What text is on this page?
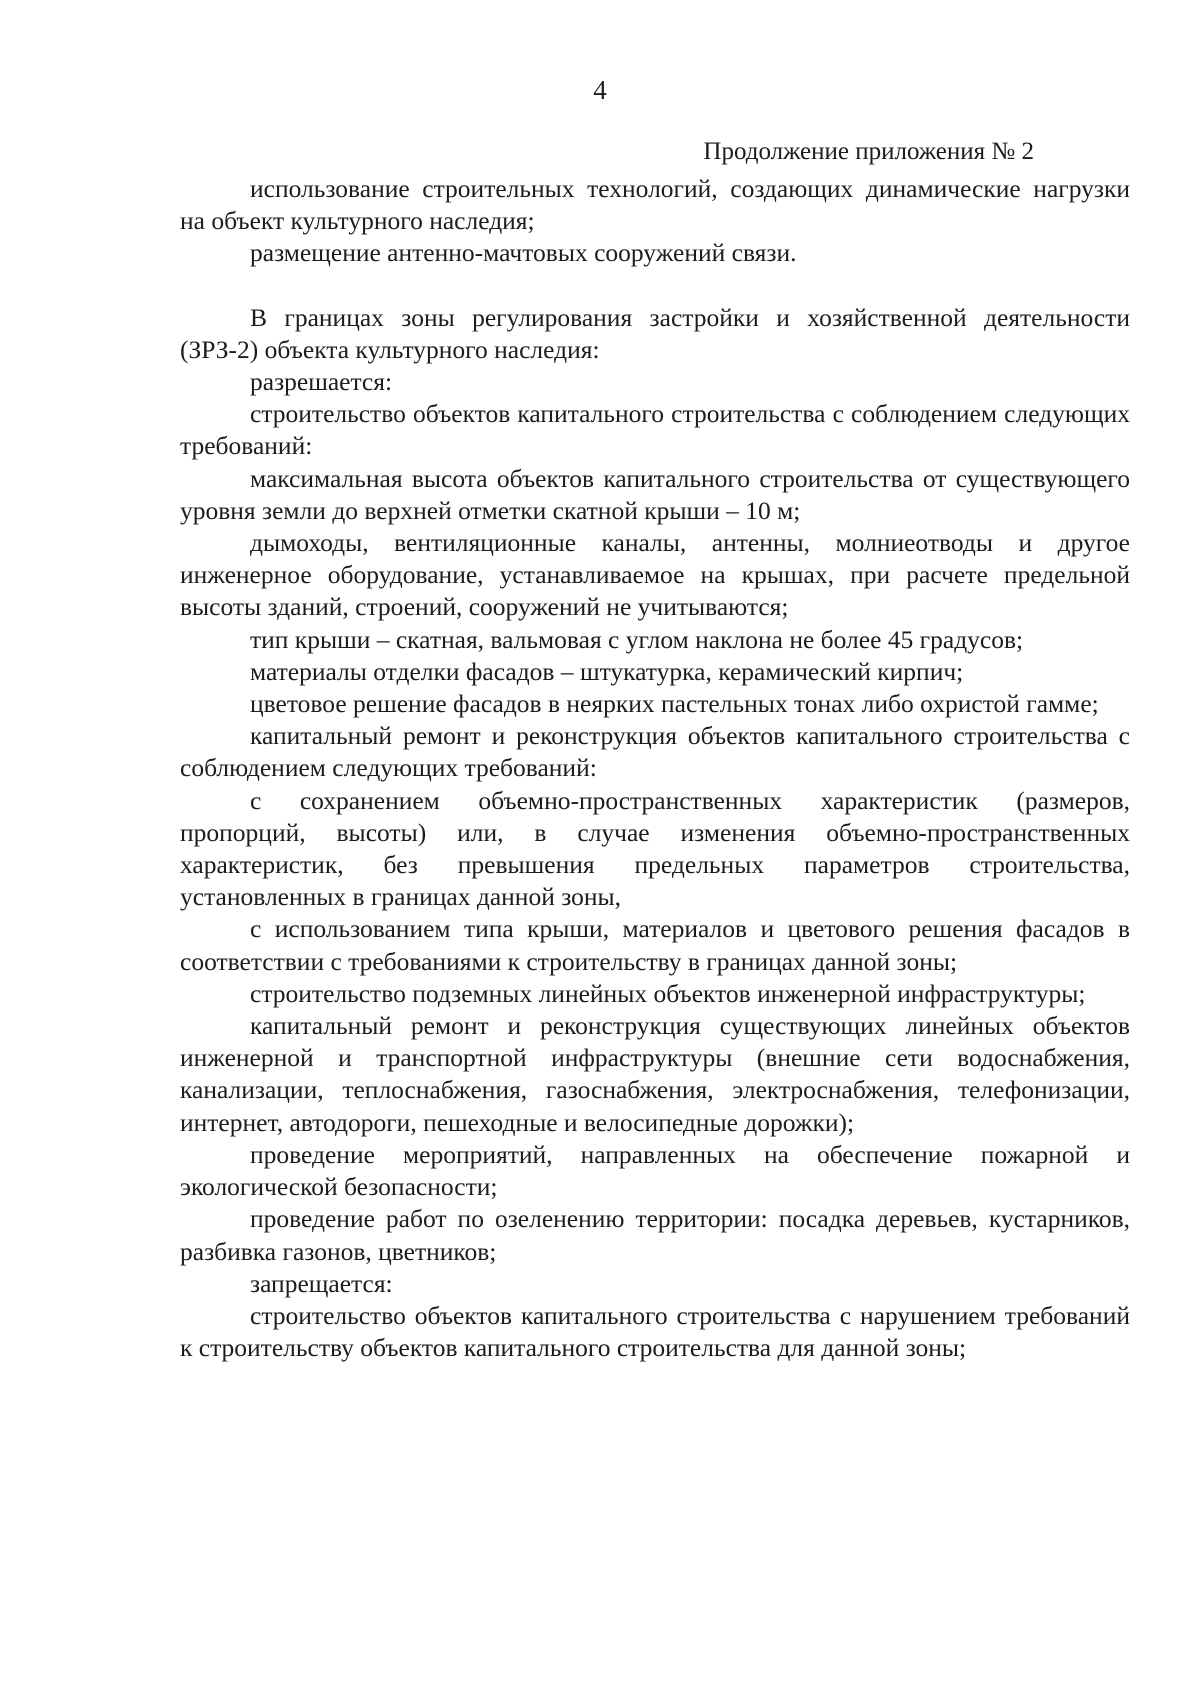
4
Продолжение приложения № 2

использование строительных технологий, создающих динамические нагрузки на объект культурного наследия;

размещение антенно-мачтовых сооружений связи.

В границах зоны регулирования застройки и хозяйственной деятельности (ЗРЗ-2) объекта культурного наследия:

разрешается:

строительство объектов капитального строительства с соблюдением следующих требований:

максимальная высота объектов капитального строительства от существующего уровня земли до верхней отметки скатной крыши – 10 м;

дымоходы, вентиляционные каналы, антенны, молниеотводы и другое инженерное оборудование, устанавливаемое на крышах, при расчете предельной высоты зданий, строений, сооружений не учитываются;

тип крыши – скатная, вальмовая с углом наклона не более 45 градусов;

материалы отделки фасадов – штукатурка, керамический кирпич;

цветовое решение фасадов в неярких пастельных тонах либо охристой гамме;

капитальный ремонт и реконструкция объектов капитального строительства с соблюдением следующих требований:

с сохранением объемно-пространственных характеристик (размеров, пропорций, высоты) или, в случае изменения объемно-пространственных характеристик, без превышения предельных параметров строительства, установленных в границах данной зоны,

с использованием типа крыши, материалов и цветового решения фасадов в соответствии с требованиями к строительству в границах данной зоны;

строительство подземных линейных объектов инженерной инфраструктуры;

капитальный ремонт и реконструкция существующих линейных объектов инженерной и транспортной инфраструктуры (внешние сети водоснабжения, канализации, теплоснабжения, газоснабжения, электроснабжения, телефонизации, интернет, автодороги, пешеходные и велосипедные дорожки);

проведение мероприятий, направленных на обеспечение пожарной и экологической безопасности;

проведение работ по озеленению территории: посадка деревьев, кустарников, разбивка газонов, цветников;

запрещается:

строительство объектов капитального строительства с нарушением требований к строительству объектов капитального строительства для данной зоны;
